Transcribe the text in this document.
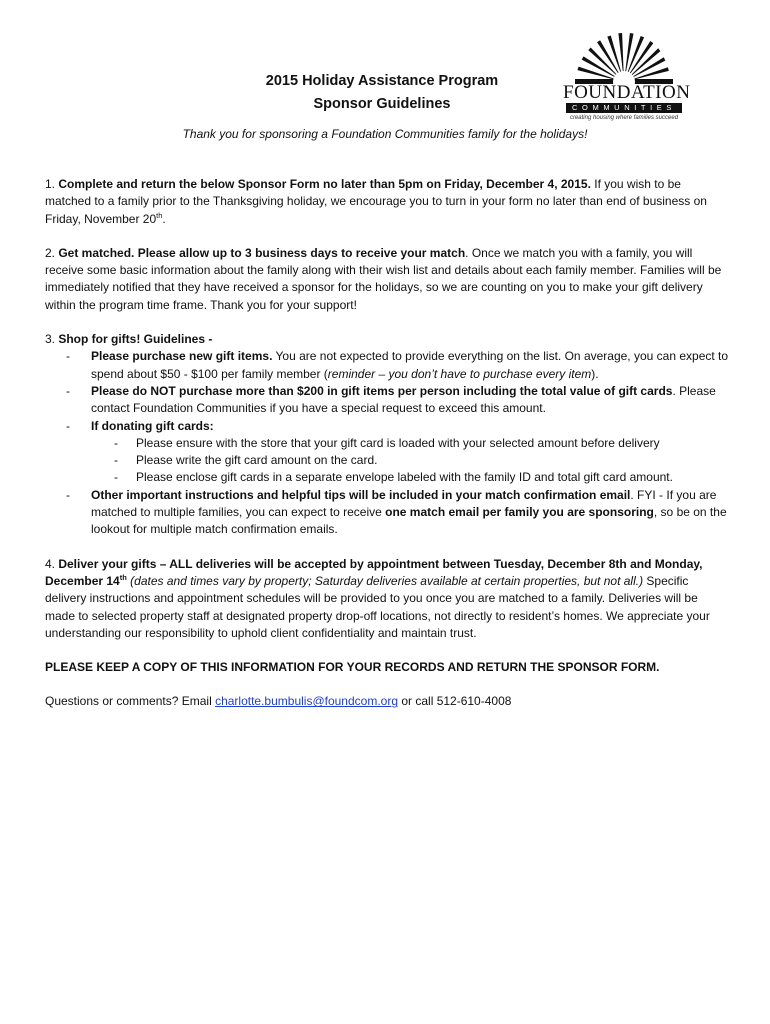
2015 Holiday Assistance Program
Sponsor Guidelines
FOUNDATION
COMMUNITIES
creating housing where families succeed
Thank you for sponsoring a Foundation Communities family for the holidays!

1. Complete and return the below Sponsor Form no later than 5pm on Friday, December 4, 2015. If you wish to be matched to a family prior to the Thanksgiving holiday, we encourage you to turn in your form no later than end of business on Friday, November 20th.

2. Get matched. Please allow up to 3 business days to receive your match. Once we match you with a family, you will receive some basic information about the family along with their wish list and details about each family member. Families will be immediately notified that they have received a sponsor for the holidays, so we are counting on you to make your gift delivery within the program time frame. Thank you for your support!

3. Shop for gifts! Guidelines -

- Please purchase new gift items. You are not expected to provide everything on the list. On average, you can expect to spend about $50 - $100 per family member (reminder – you don’t have to purchase every item).
- Please do NOT purchase more than $200 in gift items per person including the total value of gift cards. Please contact Foundation Communities if you have a special request to exceed this amount.
- If donating gift cards:
- Please ensure with the store that your gift card is loaded with your selected amount before delivery
- Please write the gift card amount on the card.
- Please enclose gift cards in a separate envelope labeled with the family ID and total gift card amount.
- Other important instructions and helpful tips will be included in your match confirmation email. FYI - If you are matched to multiple families, you can expect to receive one match email per family you are sponsoring, so be on the lookout for multiple match confirmation emails.

4. Deliver your gifts – ALL deliveries will be accepted by appointment between Tuesday, December 8th and Monday, December 14th (dates and times vary by property; Saturday deliveries available at certain properties, but not all.) Specific delivery instructions and appointment schedules will be provided to you once you are matched to a family. Deliveries will be made to selected property staff at designated property drop-off locations, not directly to resident’s homes. We appreciate your understanding our responsibility to uphold client confidentiality and maintain trust.

PLEASE KEEP A COPY OF THIS INFORMATION FOR YOUR RECORDS AND RETURN THE SPONSOR FORM.

Questions or comments? Email charlotte.bumbulis@foundcom.org or call 512-610-4008
